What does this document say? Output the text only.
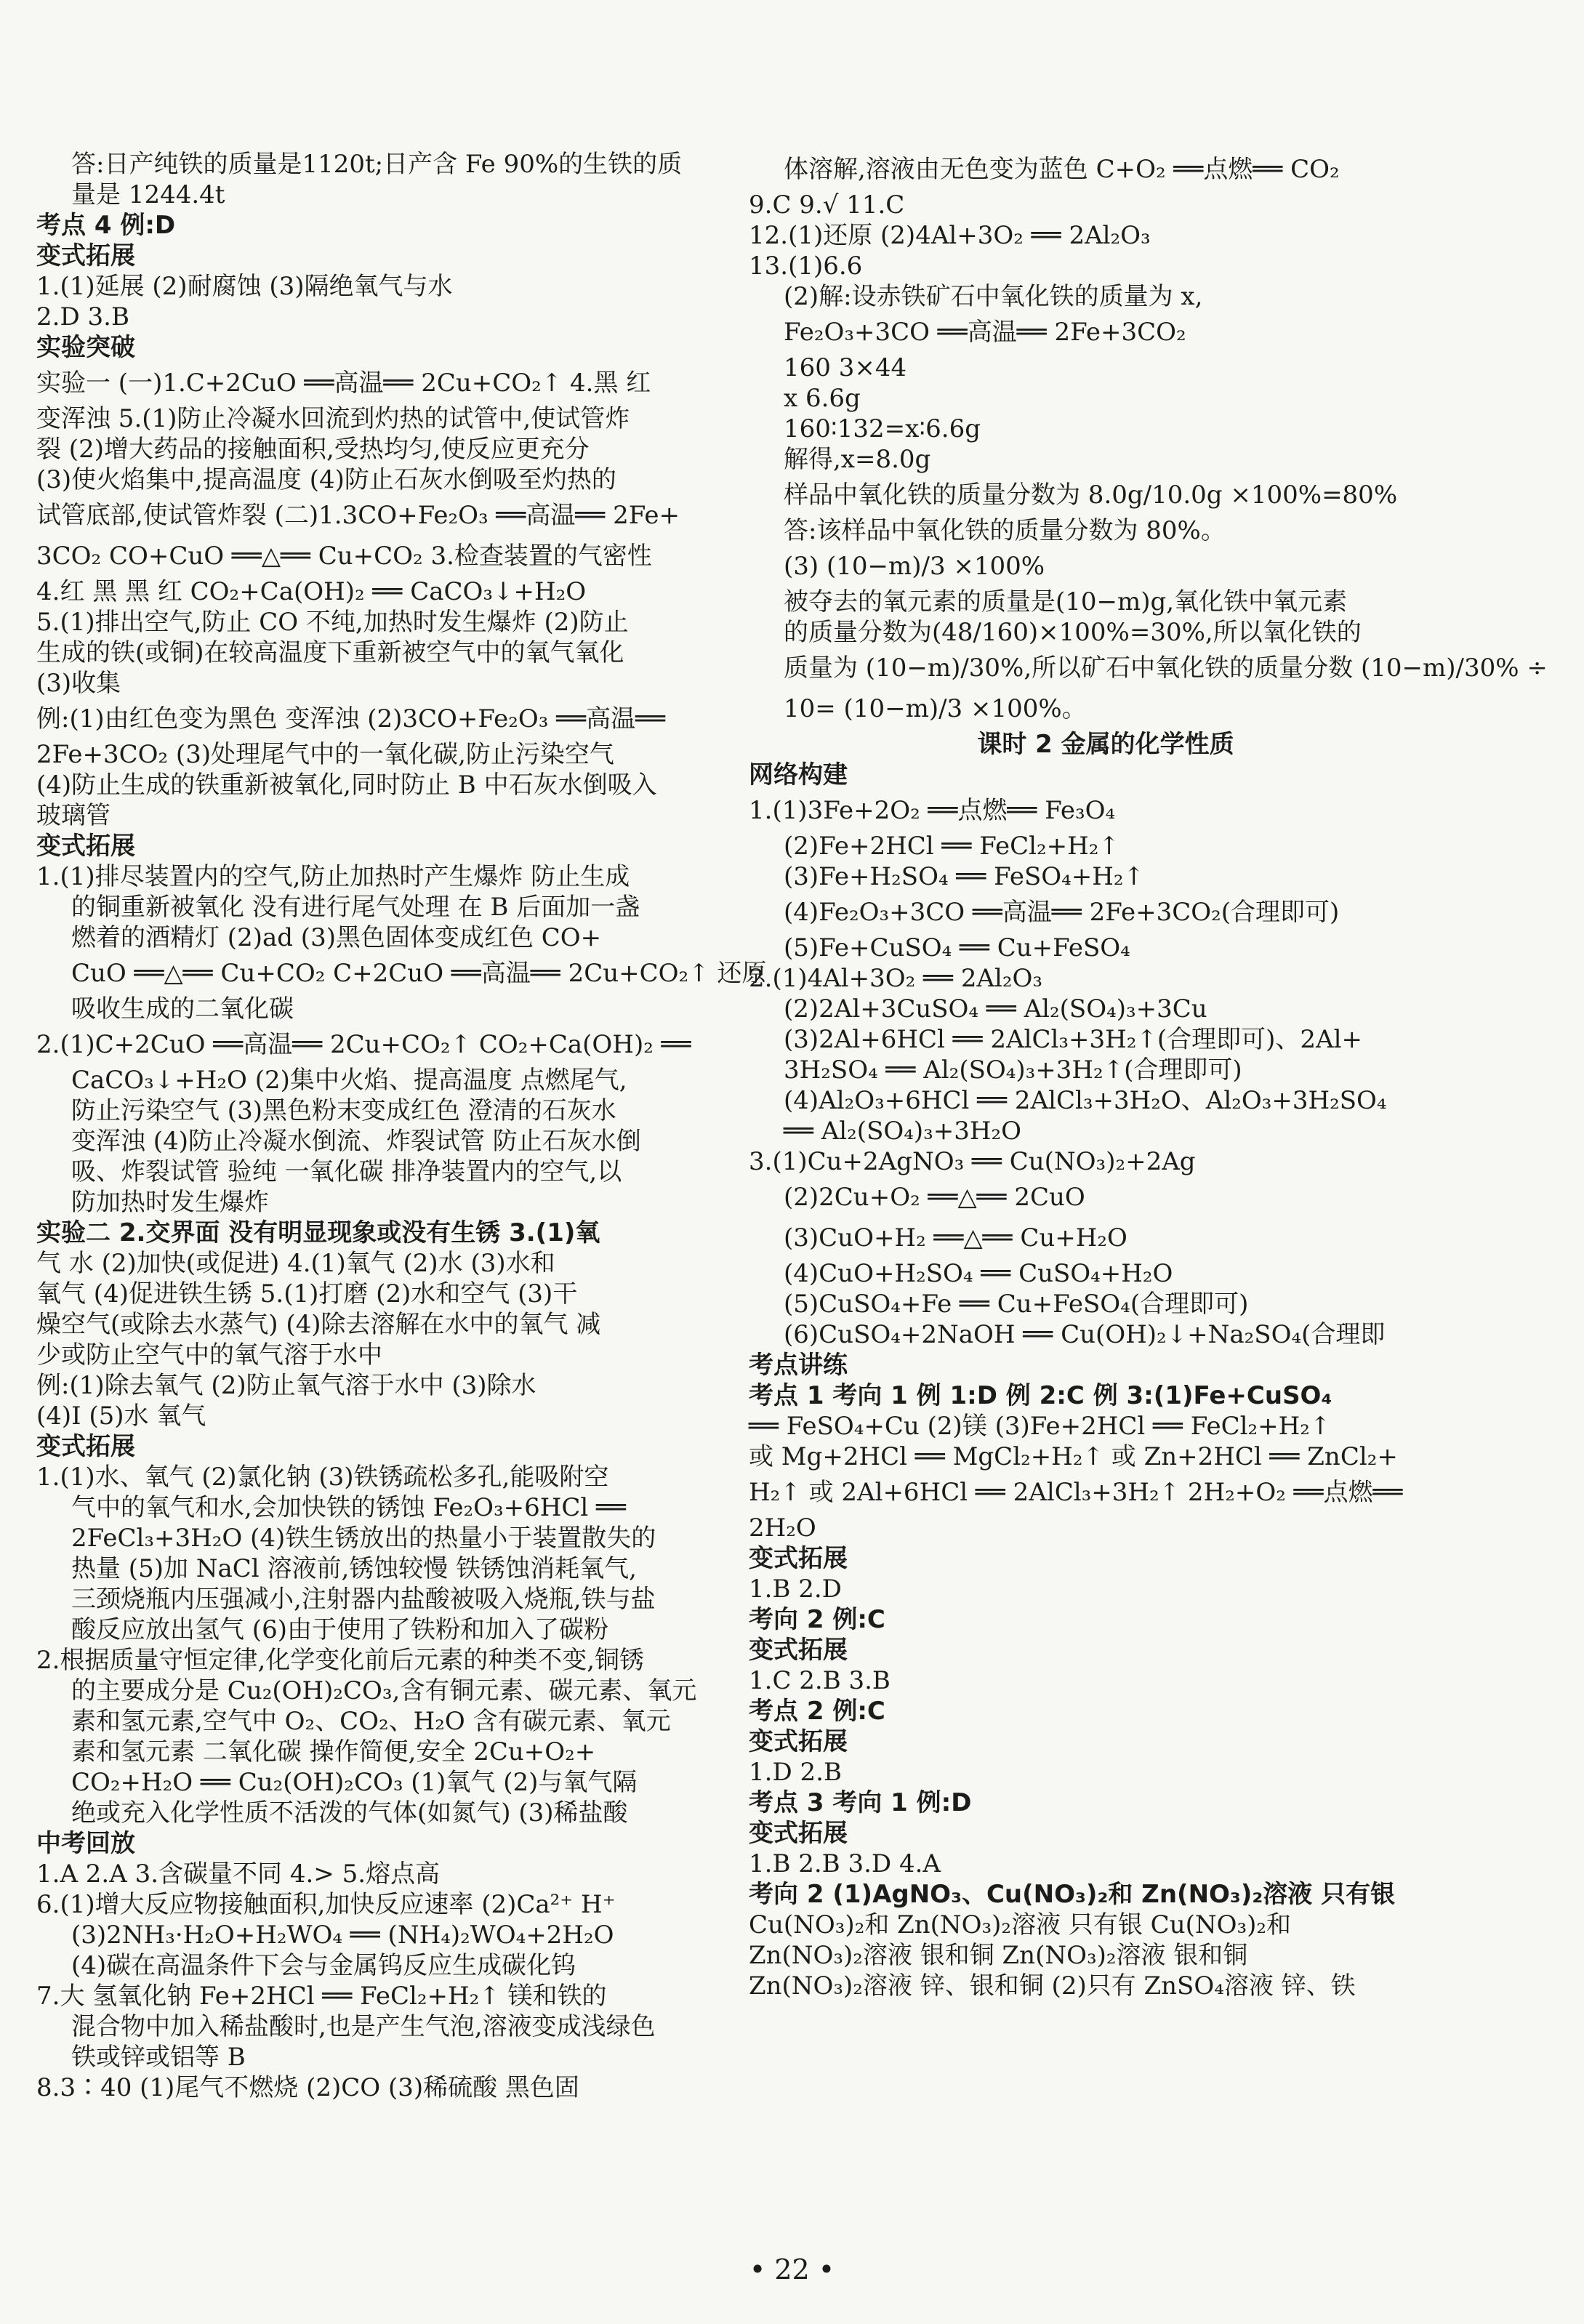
答:日产纯铁的质量是1120t;日产含 Fe 90%的生铁的质
量是 1244.4t
考点 4 例:D
变式拓展
1.(1)延展 (2)耐腐蚀 (3)隔绝氧气与水
2.D 3.B
实验突破
实验一 (一)1.C+2CuO ══高温══ 2Cu+CO₂↑ 4.黑 红
变浑浊 5.(1)防止冷凝水回流到灼热的试管中,使试管炸
裂 (2)增大药品的接触面积,受热均匀,使反应更充分
(3)使火焰集中,提高温度 (4)防止石灰水倒吸至灼热的
试管底部,使试管炸裂 (二)1.3CO+Fe₂O₃ ══高温══ 2Fe+
3CO₂ CO+CuO ══△══ Cu+CO₂ 3.检查装置的气密性
4.红 黑 黑 红 CO₂+Ca(OH)₂ ══ CaCO₃↓+H₂O
5.(1)排出空气,防止 CO 不纯,加热时发生爆炸 (2)防止
生成的铁(或铜)在较高温度下重新被空气中的氧气氧化
(3)收集
例:(1)由红色变为黑色 变浑浊 (2)3CO+Fe₂O₃ ══高温══
2Fe+3CO₂ (3)处理尾气中的一氧化碳,防止污染空气
(4)防止生成的铁重新被氧化,同时防止 B 中石灰水倒吸入
玻璃管
变式拓展
1.(1)排尽装置内的空气,防止加热时产生爆炸 防止生成
的铜重新被氧化 没有进行尾气处理 在 B 后面加一盏
燃着的酒精灯 (2)ad (3)黑色固体变成红色 CO+
CuO ══△══ Cu+CO₂ C+2CuO ══高温══ 2Cu+CO₂↑ 还原
吸收生成的二氧化碳
2.(1)C+2CuO ══高温══ 2Cu+CO₂↑ CO₂+Ca(OH)₂ ══
CaCO₃↓+H₂O (2)集中火焰、提高温度 点燃尾气,
防止污染空气 (3)黑色粉末变成红色 澄清的石灰水
变浑浊 (4)防止冷凝水倒流、炸裂试管 防止石灰水倒
吸、炸裂试管 验纯 一氧化碳 排净装置内的空气,以
防加热时发生爆炸
实验二 2.交界面 没有明显现象或没有生锈 3.(1)氧
气 水 (2)加快(或促进) 4.(1)氧气 (2)水 (3)水和
氧气 (4)促进铁生锈 5.(1)打磨 (2)水和空气 (3)干
燥空气(或除去水蒸气) (4)除去溶解在水中的氧气 减
少或防止空气中的氧气溶于水中
例:(1)除去氧气 (2)防止氧气溶于水中 (3)除水
(4)Ⅰ (5)水 氧气
变式拓展
1.(1)水、氧气 (2)氯化钠 (3)铁锈疏松多孔,能吸附空
气中的氧气和水,会加快铁的锈蚀 Fe₂O₃+6HCl ══
2FeCl₃+3H₂O (4)铁生锈放出的热量小于装置散失的
热量 (5)加 NaCl 溶液前,锈蚀较慢 铁锈蚀消耗氧气,
三颈烧瓶内压强减小,注射器内盐酸被吸入烧瓶,铁与盐
酸反应放出氢气 (6)由于使用了铁粉和加入了碳粉
2.根据质量守恒定律,化学变化前后元素的种类不变,铜锈
的主要成分是 Cu₂(OH)₂CO₃,含有铜元素、碳元素、氧元
素和氢元素,空气中 O₂、CO₂、H₂O 含有碳元素、氧元
素和氢元素 二氧化碳 操作简便,安全 2Cu+O₂+
CO₂+H₂O ══ Cu₂(OH)₂CO₃ (1)氧气 (2)与氧气隔
绝或充入化学性质不活泼的气体(如氮气) (3)稀盐酸
中考回放
1.A 2.A 3.含碳量不同 4.> 5.熔点高
6.(1)增大反应物接触面积,加快反应速率 (2)Ca²⁺ H⁺
(3)2NH₃·H₂O+H₂WO₄ ══ (NH₄)₂WO₄+2H₂O
(4)碳在高温条件下会与金属钨反应生成碳化钨
7.大 氢氧化钠 Fe+2HCl ══ FeCl₂+H₂↑ 镁和铁的
混合物中加入稀盐酸时,也是产生气泡,溶液变成浅绿色
铁或锌或铝等 B
8.3∶40 (1)尾气不燃烧 (2)CO (3)稀硫酸 黑色固
体溶解,溶液由无色变为蓝色 C+O₂ ══点燃══ CO₂
9.C 9.√ 11.C
12.(1)还原 (2)4Al+3O₂ ══ 2Al₂O₃
13.(1)6.6
(2)解:设赤铁矿石中氧化铁的质量为 x,
Fe₂O₃+3CO ══高温══ 2Fe+3CO₂
160 3×44
x 6.6g
160∶132=x∶6.6g
解得,x=8.0g
样品中氧化铁的质量分数为 8.0g/10.0g ×100%=80%
答:该样品中氧化铁的质量分数为 80%。
(3) (10−m)/3 ×100%
被夺去的氧元素的质量是(10−m)g,氧化铁中氧元素
的质量分数为(48/160)×100%=30%,所以氧化铁的
质量为 (10−m)/30%,所以矿石中氧化铁的质量分数 (10−m)/30% ÷
10= (10−m)/3 ×100%。
课时 2 金属的化学性质
网络构建
1.(1)3Fe+2O₂ ══点燃══ Fe₃O₄
(2)Fe+2HCl ══ FeCl₂+H₂↑
(3)Fe+H₂SO₄ ══ FeSO₄+H₂↑
(4)Fe₂O₃+3CO ══高温══ 2Fe+3CO₂(合理即可)
(5)Fe+CuSO₄ ══ Cu+FeSO₄
2.(1)4Al+3O₂ ══ 2Al₂O₃
(2)2Al+3CuSO₄ ══ Al₂(SO₄)₃+3Cu
(3)2Al+6HCl ══ 2AlCl₃+3H₂↑(合理即可)、2Al+
3H₂SO₄ ══ Al₂(SO₄)₃+3H₂↑(合理即可)
(4)Al₂O₃+6HCl ══ 2AlCl₃+3H₂O、Al₂O₃+3H₂SO₄
══ Al₂(SO₄)₃+3H₂O
3.(1)Cu+2AgNO₃ ══ Cu(NO₃)₂+2Ag
(2)2Cu+O₂ ══△══ 2CuO
(3)CuO+H₂ ══△══ Cu+H₂O
(4)CuO+H₂SO₄ ══ CuSO₄+H₂O
(5)CuSO₄+Fe ══ Cu+FeSO₄(合理即可)
(6)CuSO₄+2NaOH ══ Cu(OH)₂↓+Na₂SO₄(合理即
考点讲练
考点 1 考向 1 例 1:D 例 2:C 例 3:(1)Fe+CuSO₄
══ FeSO₄+Cu (2)镁 (3)Fe+2HCl ══ FeCl₂+H₂↑
或 Mg+2HCl ══ MgCl₂+H₂↑ 或 Zn+2HCl ══ ZnCl₂+
H₂↑ 或 2Al+6HCl ══ 2AlCl₃+3H₂↑ 2H₂+O₂ ══点燃══
2H₂O
变式拓展
1.B 2.D
考向 2 例:C
变式拓展
1.C 2.B 3.B
考点 2 例:C
变式拓展
1.D 2.B
考点 3 考向 1 例:D
变式拓展
1.B 2.B 3.D 4.A
考向 2 (1)AgNO₃、Cu(NO₃)₂和 Zn(NO₃)₂溶液 只有银
Cu(NO₃)₂和 Zn(NO₃)₂溶液 只有银 Cu(NO₃)₂和
Zn(NO₃)₂溶液 银和铜 Zn(NO₃)₂溶液 银和铜
Zn(NO₃)₂溶液 锌、银和铜 (2)只有 ZnSO₄溶液 锌、铁
• 22 •
